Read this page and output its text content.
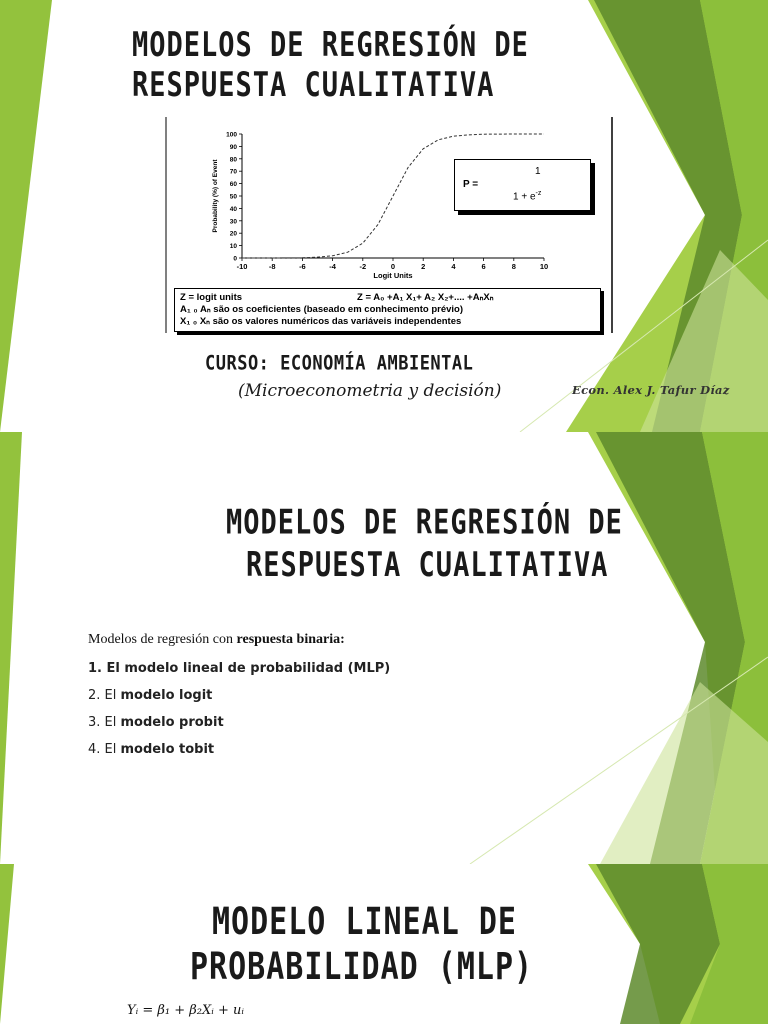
MODELOS DE REGRESIÓN DE
RESPUESTA CUALITATIVA
-10	-8	-6	-4	-2	0	2	4	6	8	10
0
10
20
30
40
50
60
70
80
90
100
Logit Units
Probability (%) of Event	P =
1
$1 + e^{-z}$
Z = logit units	Z = A₀ +A₁ X₁+ A₂ X₂+.... +AₙXₙ
A₁ ₀ Aₙ são os coeficientes (baseado em conhecimento prévio)
X₁ ₀ Xₙ são os valores numéricos das variáveis independentes

CURSO: ECONOMÍA AMBIENTAL

(Microeconometria y decisión)	Econ. Alex J. Tafur Díaz

MODELOS DE REGRESIÓN DE
RESPUESTA CUALITATIVA
Modelos de regresión con respuesta binaria:
1. El modelo lineal de probabilidad (MLP)
2. El modelo logit
3. El modelo probit
4. El modelo tobit
MODELO LINEAL DE
PROBABILIDAD (MLP)

Yᵢ = β₁ + β₂Xᵢ + uᵢ
